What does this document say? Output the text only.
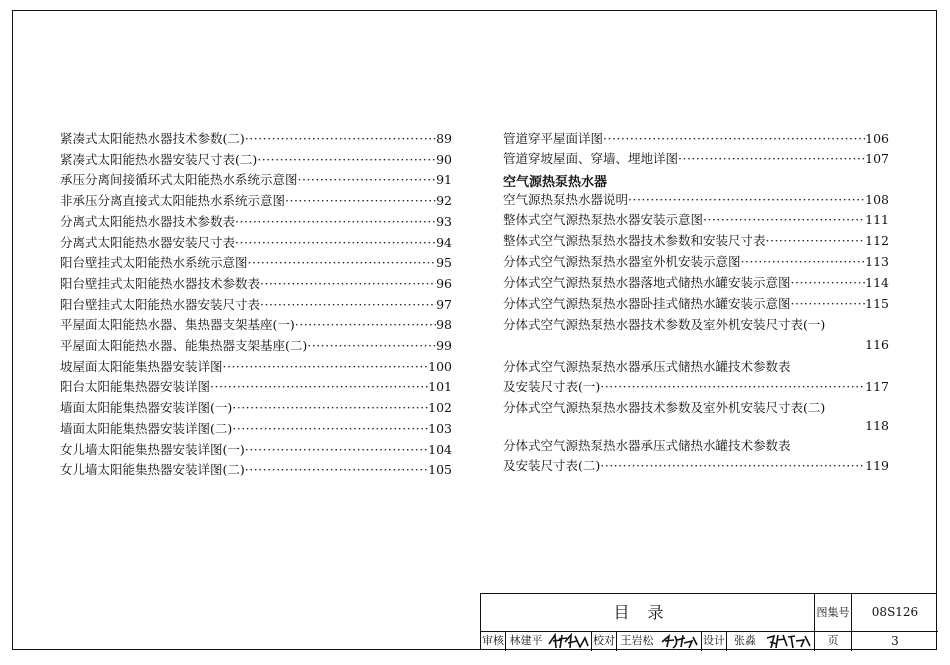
紧凑式太阳能热水器技术参数(二) ·····	89
紧凑式太阳能热水器安装尺寸表(二) ·····	90
承压分离间接循环式太阳能热水系统示意图 ·····	91
非承压分离直接式太阳能热水系统示意图 ·····	92
分离式太阳能热水器技术参数表 ·····	93
分离式太阳能热水器安装尺寸表 ·····	94
阳台壁挂式太阳能热水系统示意图 ·····	95
阳台壁挂式太阳能热水器技术参数表 ·····	96
阳台壁挂式太阳能热水器安装尺寸表 ·····	97
平屋面太阳能热水器、集热器支架基座(一) ·····	98
平屋面太阳能热水器、能集热器支架基座(二) ·····	99
坡屋面太阳能集热器安装详图 ·····	100
阳台太阳能集热器安装详图 ·····	101
墙面太阳能集热器安装详图(一) ·····	102
墙面太阳能集热器安装详图(二) ·····	103
女儿墙太阳能集热器安装详图(一) ·····	104
女儿墙太阳能集热器安装详图(二) ·····	105
管道穿平屋面详图 ·····	106
管道穿坡屋面、穿墙、埋地详图 ·····	107
空气源热泵热水器
空气源热泵热水器说明 ·····	108
整体式空气源热泵热水器安装示意图 ·····	111
整体式空气源热泵热水器技术参数和安装尺寸表 ·····	112
分体式空气源热泵热水器室外机安装示意图 ·····	113
分体式空气源热泵热水器落地式储热水罐安装示意图 ·····	114
分体式空气源热泵热水器卧挂式储热水罐安装示意图 ·····	115
分体式空气源热泵热水器技术参数及室外机安装尺寸表(一)
116
分体式空气源热泵热水器承压式储热水罐技术参数表
及安装尺寸表(一) ·····	117
分体式空气源热泵热水器技术参数及室外机安装尺寸表(二)
118
分体式空气源热泵热水器承压式储热水罐技术参数表
及安装尺寸表(二) ·····	119
目录	图集号	08S126
审核 林建平	校对 王岩松	设计 张淼	页	3
